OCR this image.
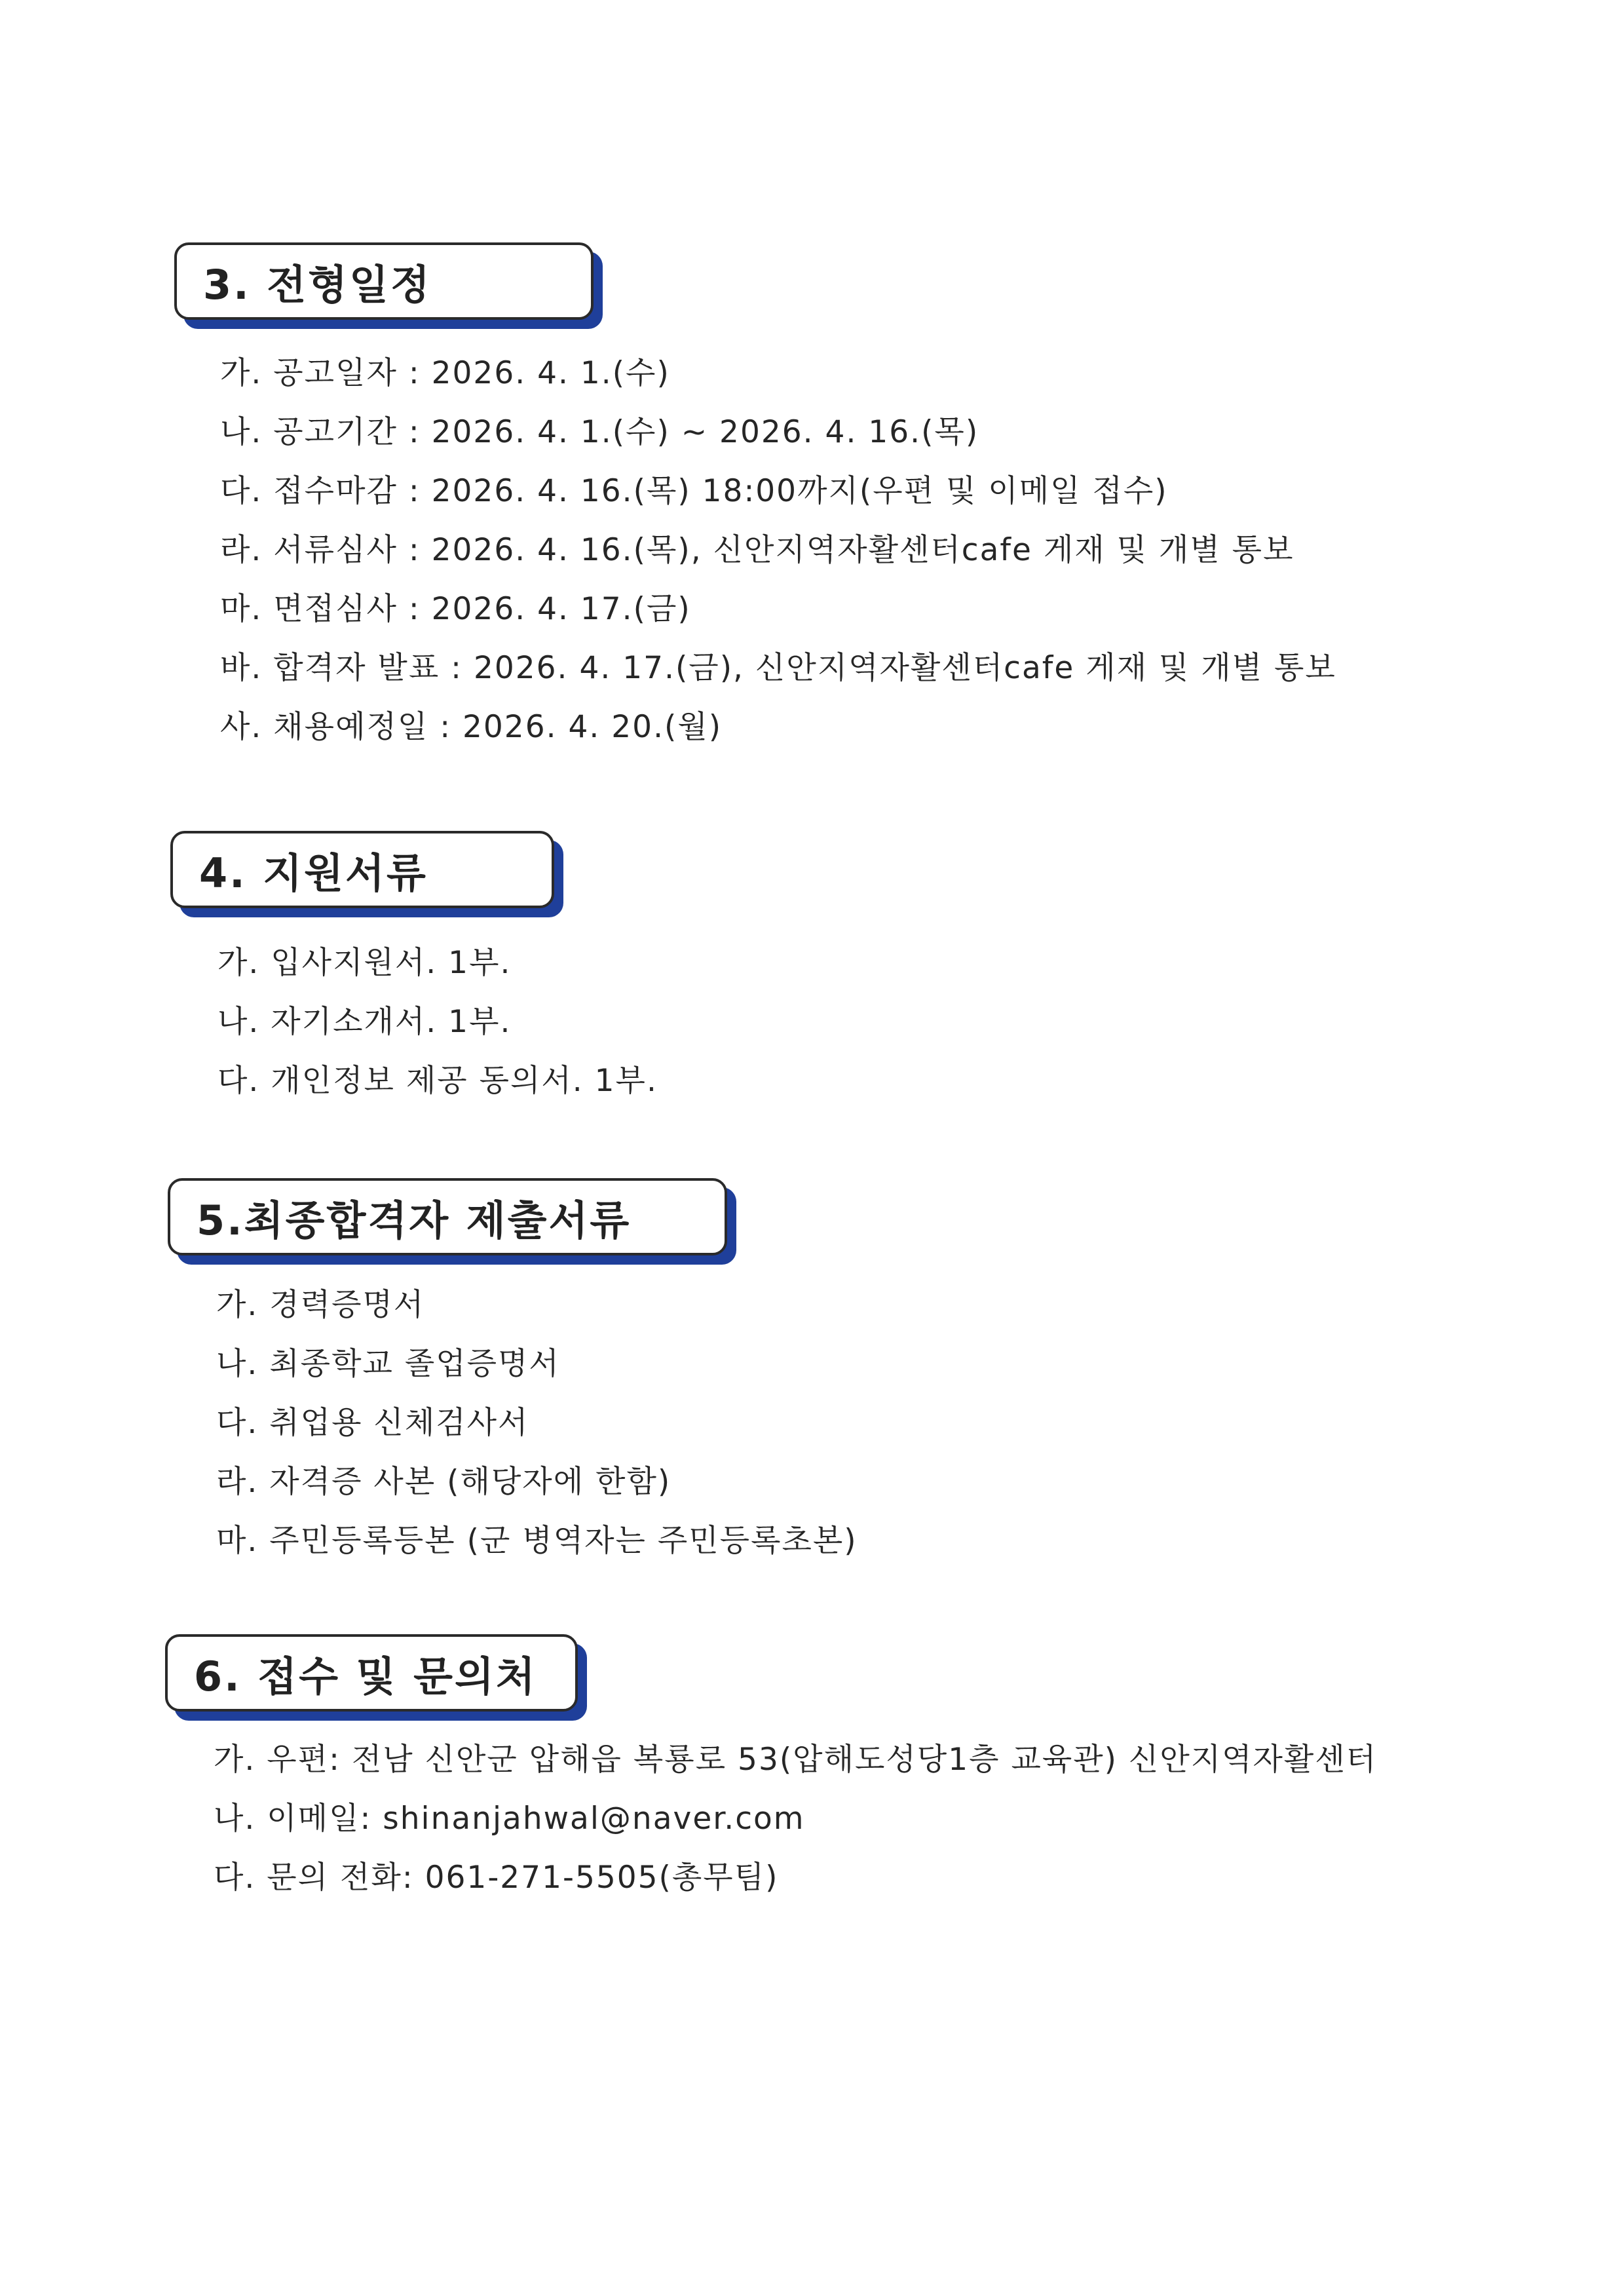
3. 전형일정
가. 공고일자 : 2026. 4. 1.(수)
나. 공고기간 : 2026. 4. 1.(수) ~ 2026. 4. 16.(목)
다. 접수마감 : 2026. 4. 16.(목) 18:00까지(우편 및 이메일 접수)
라. 서류심사 : 2026. 4. 16.(목), 신안지역자활센터cafe 게재 및 개별 통보
마. 면접심사 : 2026. 4. 17.(금)
바. 합격자 발표 : 2026. 4. 17.(금), 신안지역자활센터cafe 게재 및 개별 통보
사. 채용예정일 : 2026. 4. 20.(월)
4. 지원서류
가. 입사지원서. 1부.
나. 자기소개서. 1부.
다. 개인정보 제공 동의서. 1부.
5.최종합격자 제출서류
가. 경력증명서
나. 최종학교 졸업증명서
다. 취업용 신체검사서
라. 자격증 사본 (해당자에 한함)
마. 주민등록등본 (군 병역자는 주민등록초본)
6. 접수 및 문의처
가. 우편: 전남 신안군 압해읍 복룡로 53(압해도성당1층 교육관) 신안지역자활센터
나. 이메일: shinanjahwal@naver.com
다. 문의 전화: 061-271-5505(총무팀)
